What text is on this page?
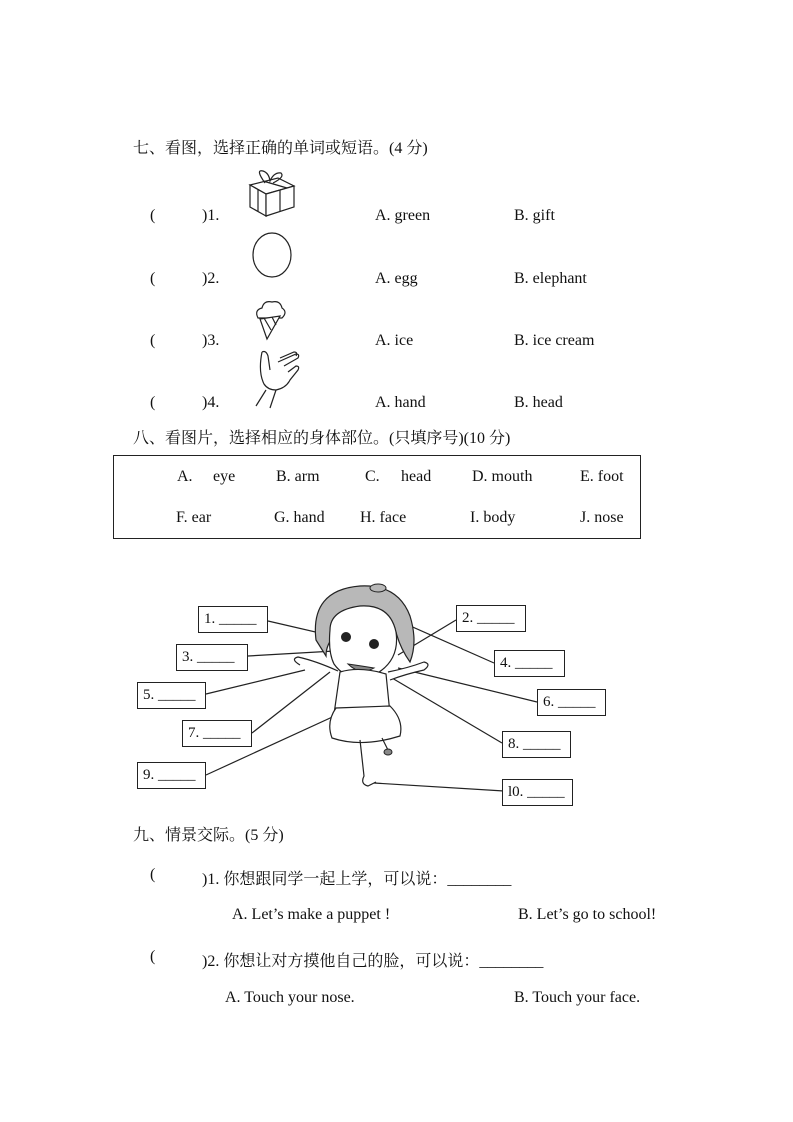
七、看图，选择正确的单词或短语。(4 分)
(	)1.	A. green	B. gift
(	)2.	A. egg	B. elephant
(	)3.	A. ice	B. ice cream
(	)4.	A. hand	B. head
八、看图片，选择相应的身体部位。(只填序号)(10 分)
A. eye	B. arm	C. head	D. mouth	E. foot
F. ear	G. hand H. face	I. body	J. nose
1. _____	2. _____
3. _____	4. _____
5. _____	6. _____
7. _____
8. _____
9. _____
l0. _____
九、情景交际。(5 分)
(	)1. 你想跟同学一起上学，可以说：________
A. Let’s make a puppet !	B. Let’s go to school!
(	)2. 你想让对方摸他自己的脸，可以说：________
A. Touch your nose.	B. Touch your face.
